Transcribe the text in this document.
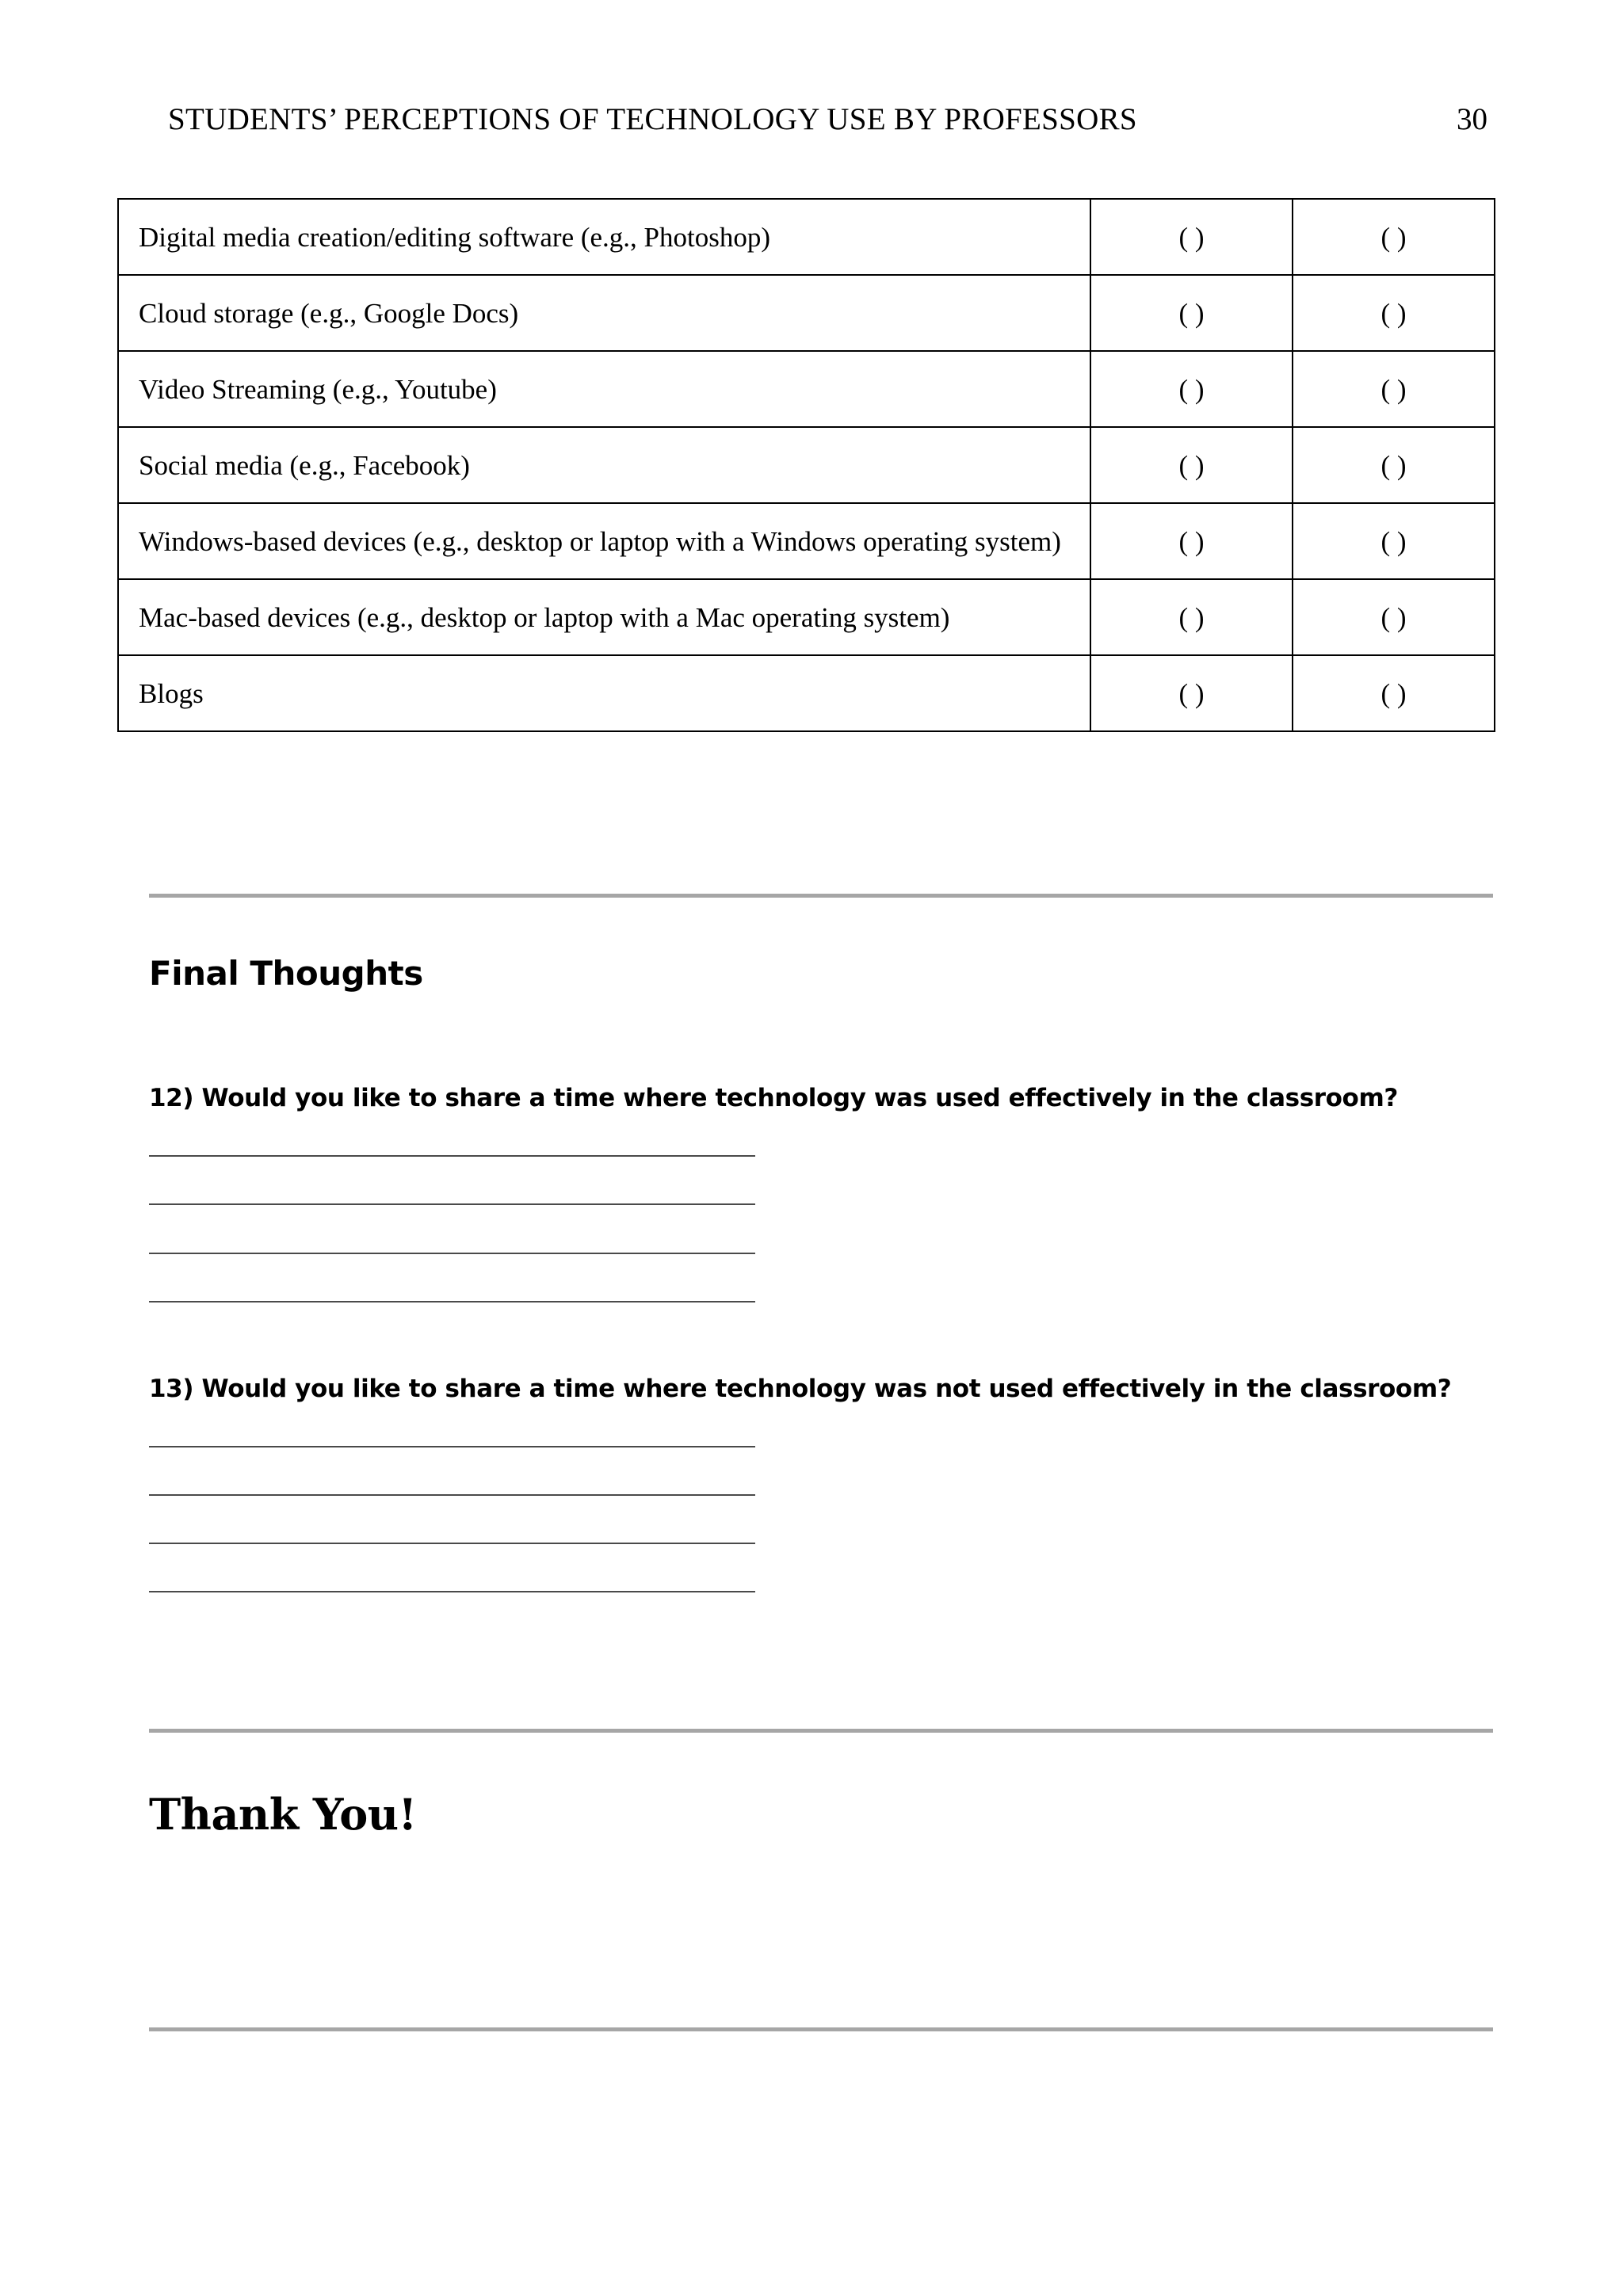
STUDENTS’ PERCEPTIONS OF TECHNOLOGY USE BY PROFESSORS	30
Digital media creation/editing software (e.g., Photoshop)	( )	( )
Cloud storage (e.g., Google Docs)	( )	( )
Video Streaming (e.g., Youtube)	( )	( )
Social media (e.g., Facebook)	( )	( )
Windows-based devices (e.g., desktop or laptop with a Windows operating system)	( )	( )
Mac-based devices (e.g., desktop or laptop with a Mac operating system)	( )	( )
Blogs	( )	( )
Final Thoughts
12) Would you like to share a time where technology was used effectively in the classroom?
13) Would you like to share a time where technology was not used effectively in the classroom?
Thank You!
